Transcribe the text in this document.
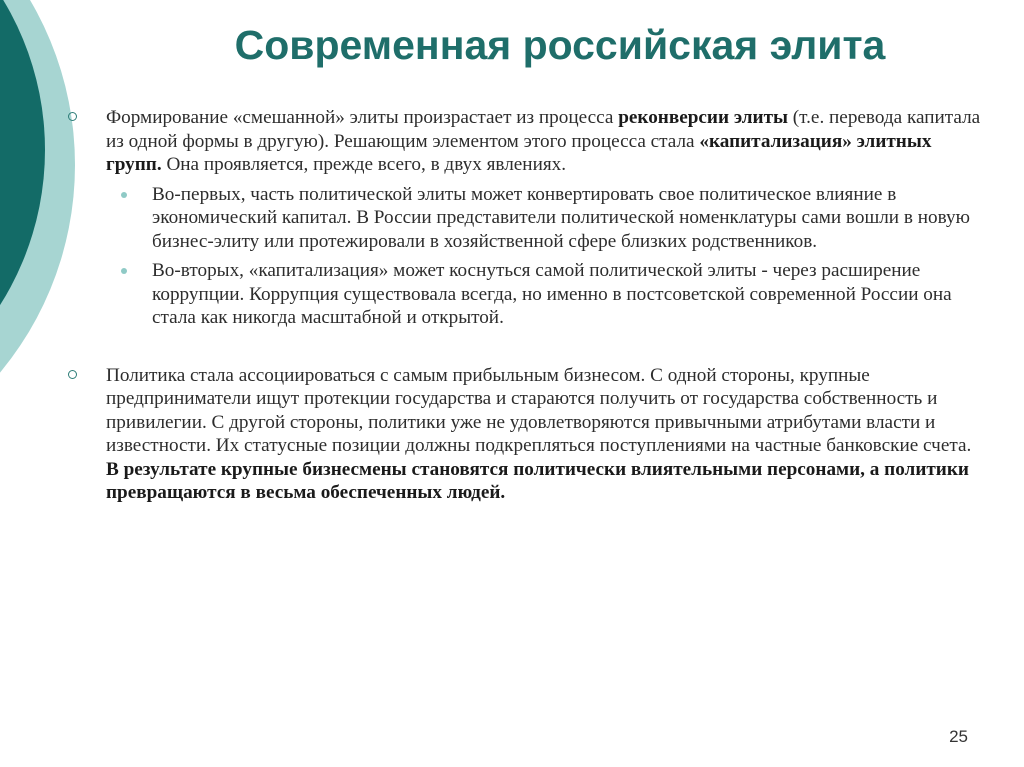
Современная российская элита

Формирование «смешанной» элиты произрастает из процесса реконверсии элиты (т.е. перевода капитала из одной формы в другую). Решающим элементом этого процесса стала «капитализация» элитных групп. Она проявляется, прежде всего, в двух явлениях.

Во-первых, часть политической элиты может конвертировать свое политическое влияние в экономический капитал. В России представители политической номенклатуры сами вошли в новую бизнес-элиту или протежировали в хозяйственной сфере близких родственников.

Во-вторых, «капитализация» может коснуться самой политической элиты - через расширение коррупции. Коррупция существовала всегда, но именно в постсоветской современной России она стала как никогда масштабной и открытой.

Политика стала ассоциироваться с самым прибыльным бизнесом. С одной стороны, крупные предприниматели ищут протекции государства и стараются получить от государства собственность и привилегии. С другой стороны, политики уже не удовлетворяются привычными атрибутами власти и известности. Их статусные позиции должны подкрепляться поступлениями на частные банковские счета. В результате крупные бизнесмены становятся политически влиятельными персонами, а политики превращаются в весьма обеспеченных людей.

25
